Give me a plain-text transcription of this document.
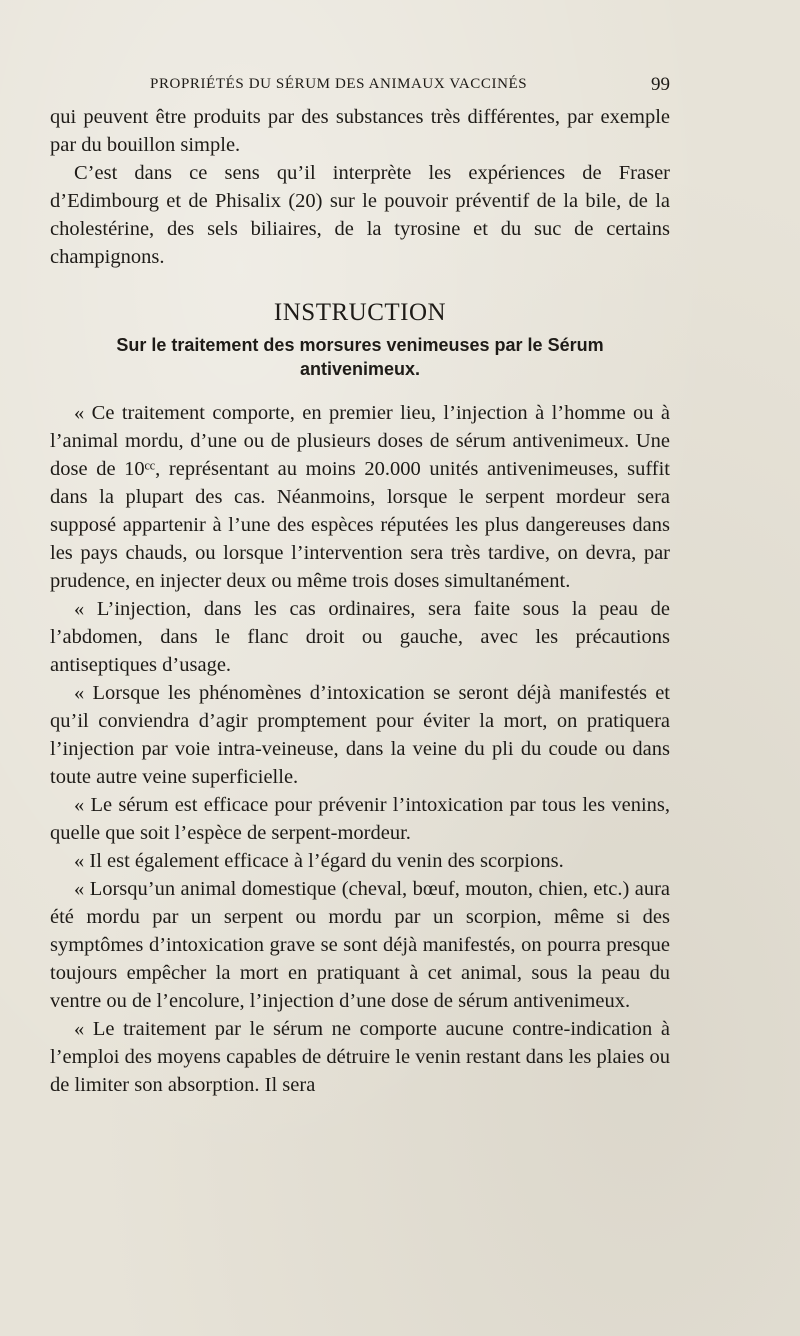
PROPRIÉTÉS DU SÉRUM DES ANIMAUX VACCINÉS	99

qui peuvent être produits par des substances très différentes, par exemple par du bouillon simple.

C’est dans ce sens qu’il interprète les expériences de Fraser d’Edimbourg et de Phisalix (20) sur le pouvoir préventif de la bile, de la cholestérine, des sels biliaires, de la tyrosine et du suc de certains champignons.

INSTRUCTION
Sur le traitement des morsures venimeuses par le Sérum antivenimeux.

« Ce traitement comporte, en premier lieu, l’injection à l’homme ou à l’animal mordu, d’une ou de plusieurs doses de sérum antivenimeux. Une dose de 10ᶜᶜ, représentant au moins 20.000 unités antivenimeuses, suffit dans la plupart des cas. Néanmoins, lorsque le serpent mordeur sera supposé appartenir à l’une des espèces réputées les plus dangereuses dans les pays chauds, ou lorsque l’intervention sera très tardive, on devra, par prudence, en injecter deux ou même trois doses simultanément.

« L’injection, dans les cas ordinaires, sera faite sous la peau de l’abdomen, dans le flanc droit ou gauche, avec les précautions antiseptiques d’usage.

« Lorsque les phénomènes d’intoxication se seront déjà manifestés et qu’il conviendra d’agir promptement pour éviter la mort, on pratiquera l’injection par voie intra-veineuse, dans la veine du pli du coude ou dans toute autre veine superficielle.

« Le sérum est efficace pour prévenir l’intoxication par tous les venins, quelle que soit l’espèce de serpent-mordeur.

« Il est également efficace à l’égard du venin des scorpions.

« Lorsqu’un animal domestique (cheval, bœuf, mouton, chien, etc.) aura été mordu par un serpent ou mordu par un scorpion, même si des symptômes d’intoxication grave se sont déjà manifestés, on pourra presque toujours empêcher la mort en pratiquant à cet animal, sous la peau du ventre ou de l’encolure, l’injection d’une dose de sérum antivenimeux.

« Le traitement par le sérum ne comporte aucune contre-indication à l’emploi des moyens capables de détruire le venin restant dans les plaies ou de limiter son absorption. Il sera
